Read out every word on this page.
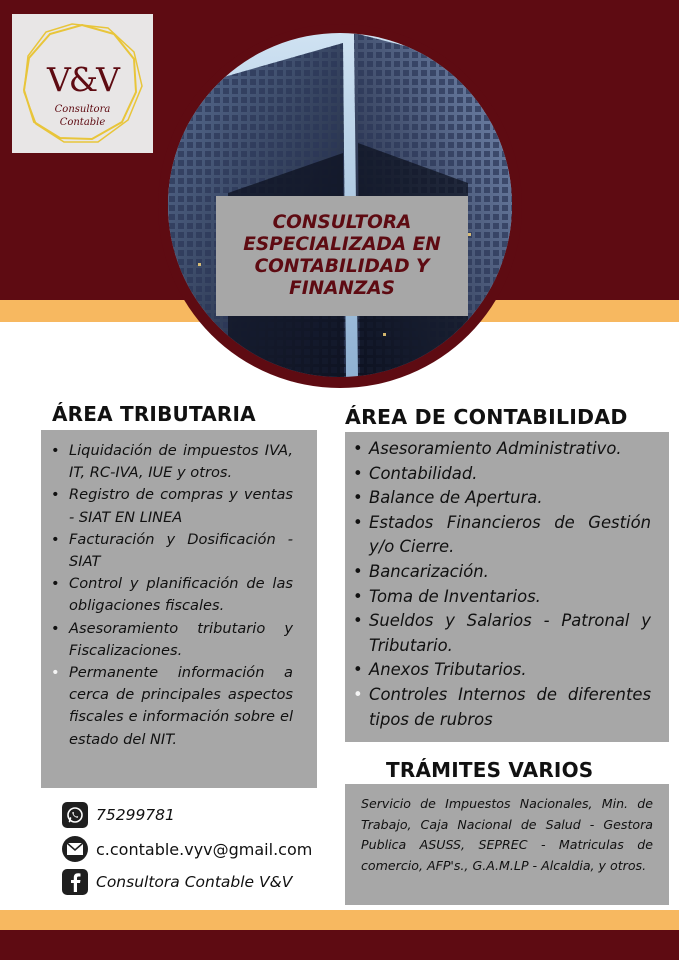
V&V
Consultora
Contable
CONSULTORA
ESPECIALIZADA EN
CONTABILIDAD Y
FINANZAS
ÁREA TRIBUTARIA
• Liquidación de impuestos IVA, IT, RC-IVA, IUE y otros.
• Registro de compras y ventas - SIAT EN LINEA
• Facturación y Dosificación - SIAT
• Control y planificación de las obligaciones fiscales.
• Asesoramiento tributario y Fiscalizaciones.
• Permanente información a cerca de principales aspectos fiscales e información sobre el estado del NIT.
ÁREA DE CONTABILIDAD
• Asesoramiento Administrativo.
• Contabilidad.
• Balance de Apertura.
• Estados Financieros de Gestión y/o Cierre.
• Bancarización.
• Toma de Inventarios.
• Sueldos y Salarios - Patronal y Tributario.
• Anexos Tributarios.
• Controles Internos de diferentes tipos de rubros
TRÁMITES VARIOS
Servicio de Impuestos Nacionales, Min. de Trabajo, Caja Nacional de Salud - Gestora Publica ASUSS, SEPREC - Matriculas de comercio, AFP's., G.A.M.LP - Alcaldia, y otros.
75299781
c.contable.vyv@gmail.com
Consultora Contable V&V
